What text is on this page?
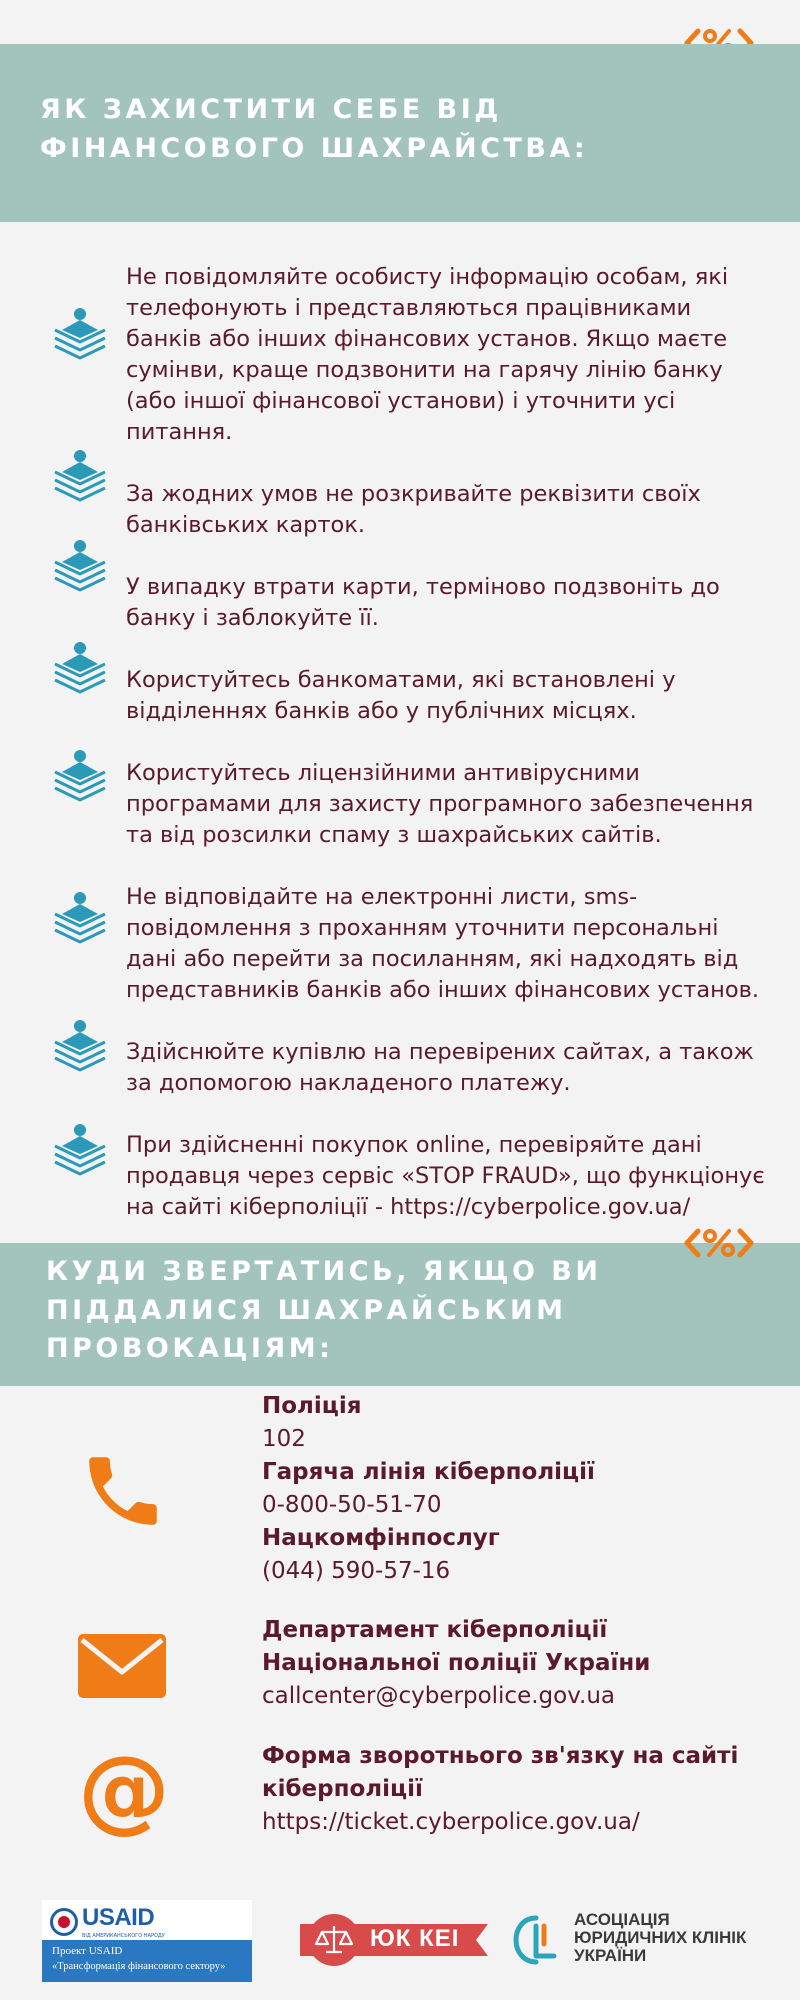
ЯК ЗАХИСТИТИ СЕБЕ ВІД ФІНАНСОВОГО ШАХРАЙСТВА:
Не повідомляйте особисту інформацію особам, які телефонують і представляються працівниками банків або інших фінансових установ. Якщо маєте сумінви, краще подзвонити на гарячу лінію банку (або іншої фінансової установи) і уточнити усі питання.
За жодних умов не розкривайте реквізити своїх банківських карток.
У випадку втрати карти, терміново подзвоніть до банку і заблокуйте її.
Користуйтесь банкоматами, які встановлені у відділеннях банків або у публічних місцях.
Користуйтесь ліцензійними антивірусними програмами для захисту програмного забезпечення та від розсилки спаму з шахрайських сайтів.
Не відповідайте на електронні листи, sms-повідомлення з проханням уточнити персональні дані або перейти за посиланням, які надходять від представників банків або інших фінансових установ.
Здійснюйте купівлю на перевірених сайтах, а також за допомогою накладеного платежу.
При здійсненні покупок online, перевіряйте дані продавця через сервіс «STOP FRAUD», що функціонує на сайті кіберполіції - https://cyberpolice.gov.ua/
КУДИ ЗВЕРТАТИСЬ, ЯКЩО ВИ ПІДДАЛИСЯ ШАХРАЙСЬКИМ ПРОВОКАЦІЯМ:
Поліція
102
Гаряча лінія кіберполіції
0-800-50-51-70
Нацкомфінпослуг
(044) 590-57-16
Департамент кіберполіції Національної поліції України
callcenter@cyberpolice.gov.ua
@	Форма зворотнього зв'язку на сайті кіберполіції
https://ticket.cyberpolice.gov.ua/
USAID
ВІД АМЕРИКАНСЬКОГО НАРОДУ
Проект USAID
«Трансформація фінансового сектору»
ЮК КЕІ
АСОЦІАЦІЯ
ЮРИДИЧНИХ КЛІНІК
УКРАЇНИ
